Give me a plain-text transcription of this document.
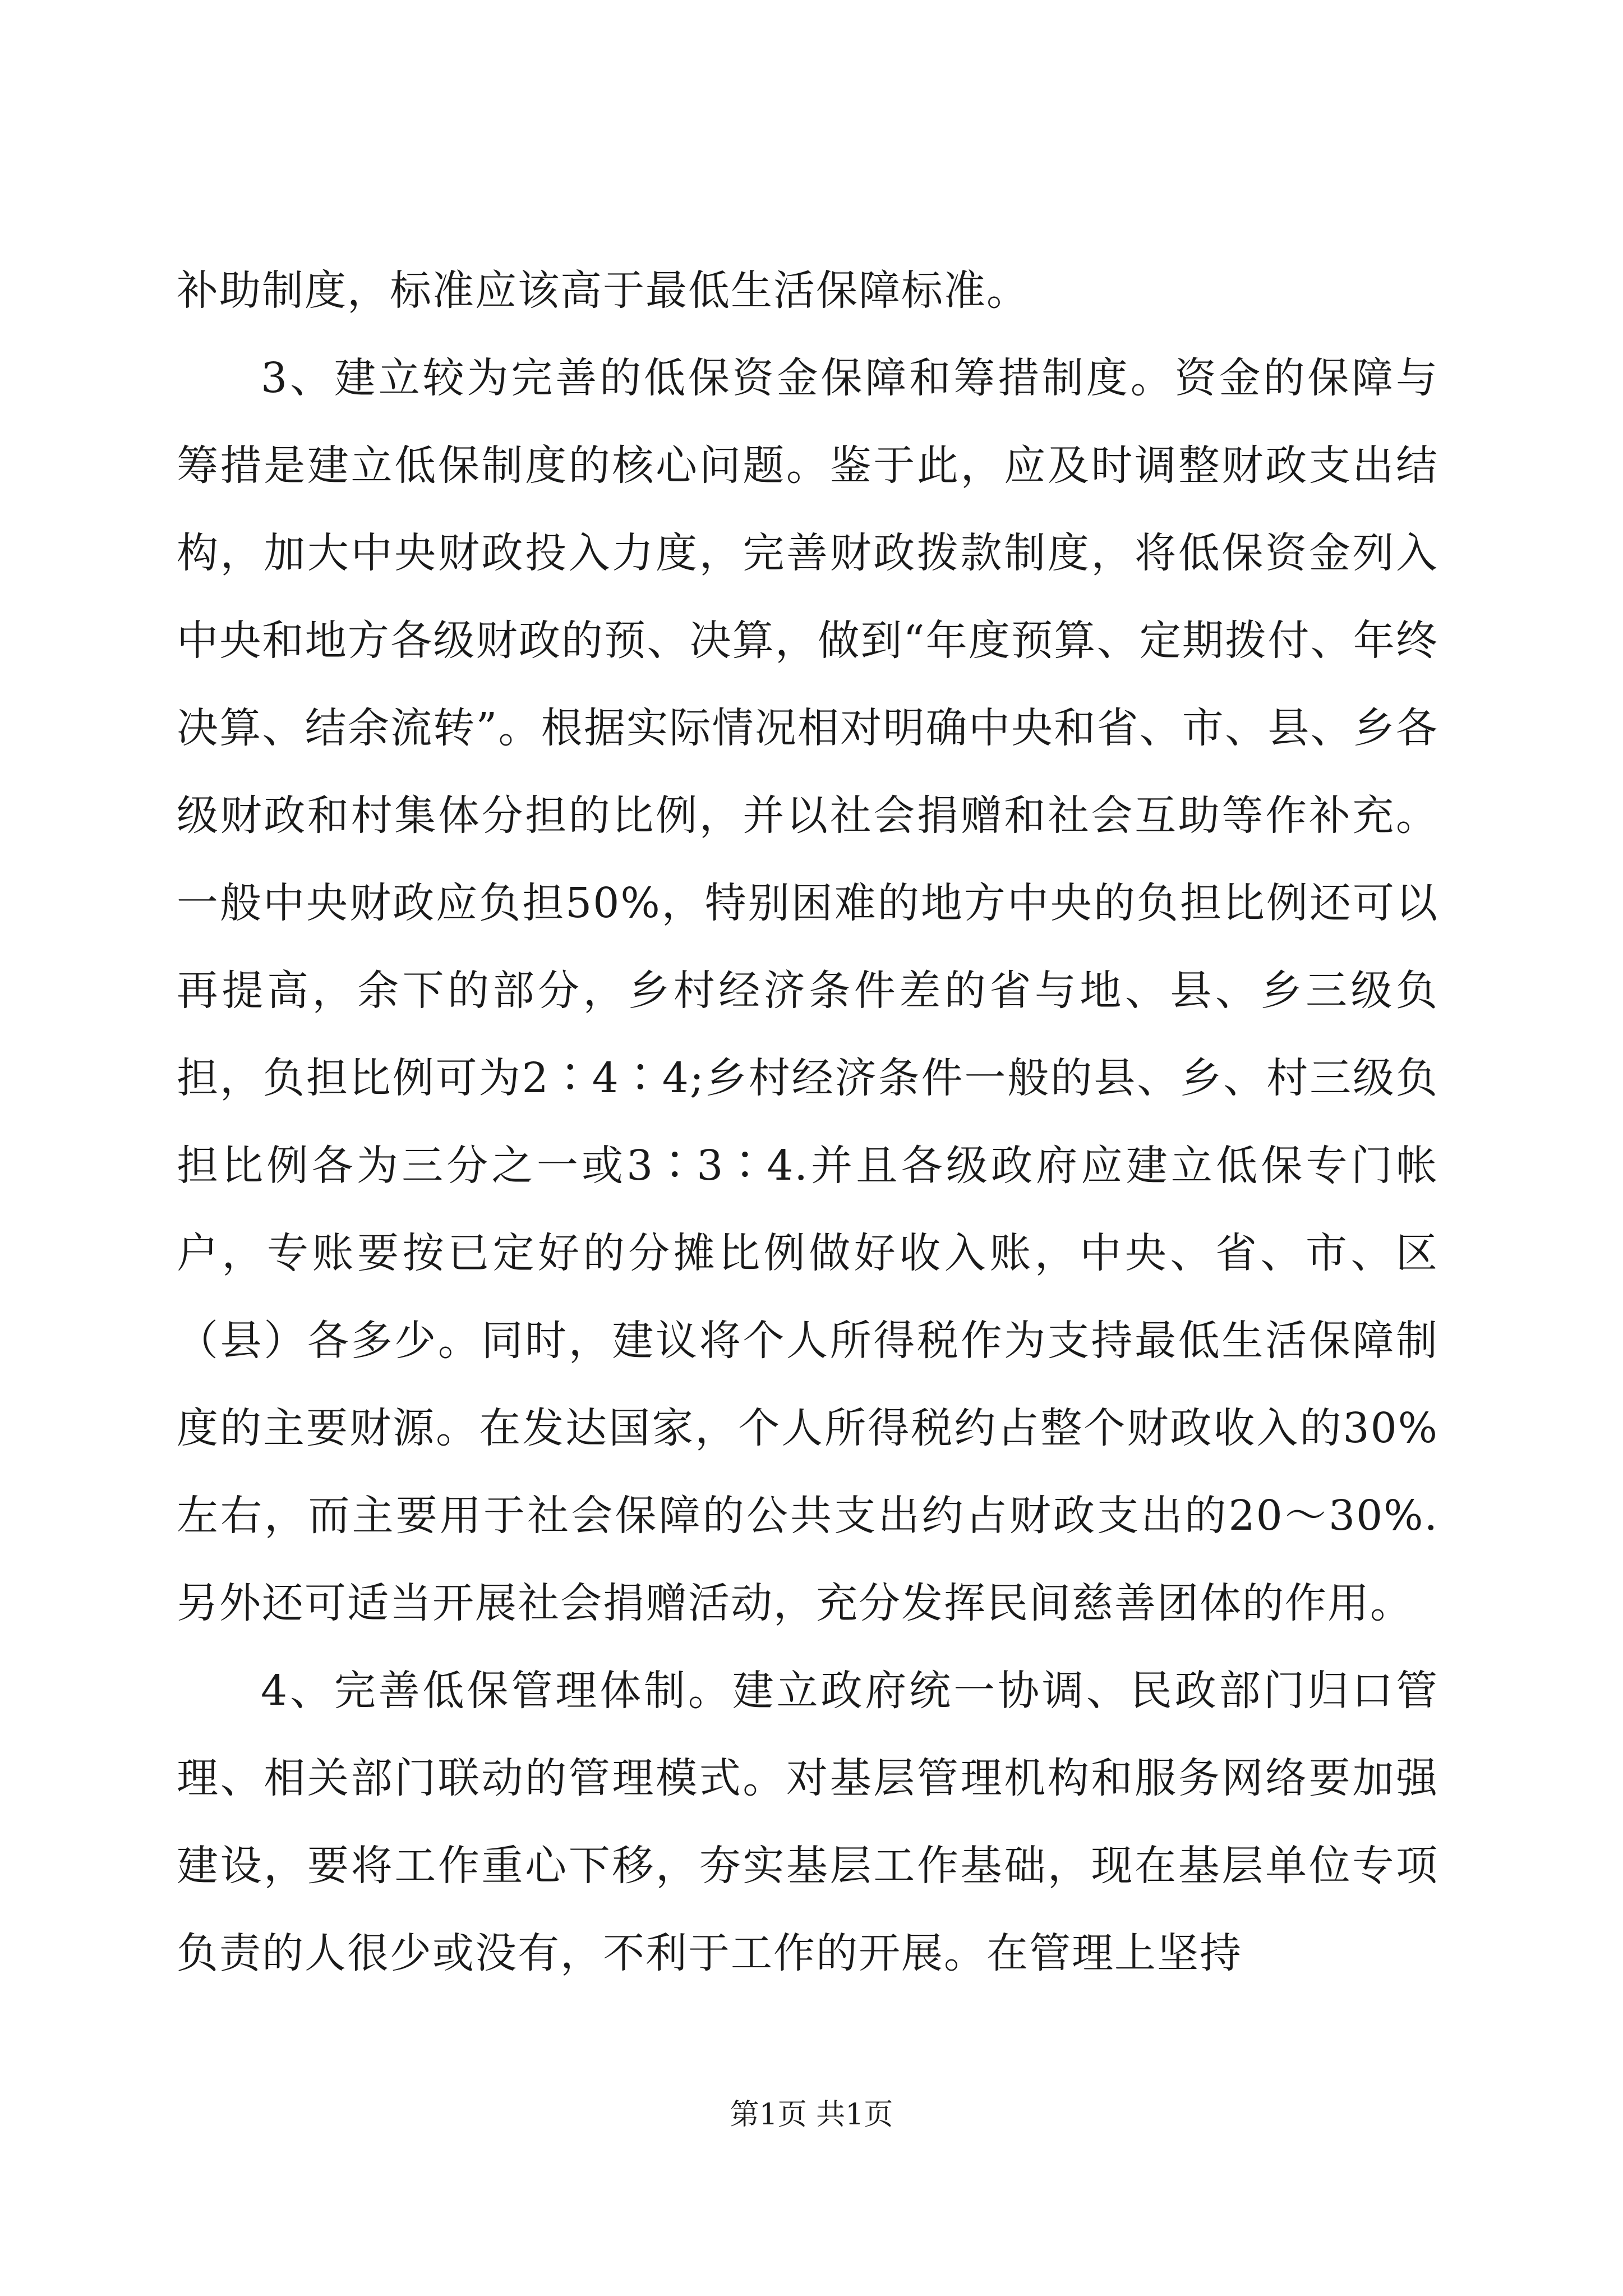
补助制度，标准应该高于最低生活保障标准。

3、建立较为完善的低保资金保障和筹措制度。资金的保障与筹措是建立低保制度的核心问题。鉴于此，应及时调整财政支出结构，加大中央财政投入力度，完善财政拨款制度，将低保资金列入中央和地方各级财政的预、决算，做到“年度预算、定期拨付、年终决算、结余流转”。根据实际情况相对明确中央和省、市、县、乡各级财政和村集体分担的比例，并以社会捐赠和社会互助等作补充。一般中央财政应负担50%，特别困难的地方中央的负担比例还可以再提高，余下的部分，乡村经济条件差的省与地、县、乡三级负担，负担比例可为2∶4∶4;乡村经济条件一般的县、乡、村三级负担比例各为三分之一或3∶3∶4.并且各级政府应建立低保专门帐户，专账要按已定好的分摊比例做好收入账，中央、省、市、区（县）各多少。同时，建议将个人所得税作为支持最低生活保障制度的主要财源。在发达国家，个人所得税约占整个财政收入的30%左右，而主要用于社会保障的公共支出约占财政支出的20～30%.另外还可适当开展社会捐赠活动，充分发挥民间慈善团体的作用。

4、完善低保管理体制。建立政府统一协调、民政部门归口管理、相关部门联动的管理模式。对基层管理机构和服务网络要加强建设，要将工作重心下移，夯实基层工作基础，现在基层单位专项负责的人很少或没有，不利于工作的开展。在管理上坚持

第1页 共1页
